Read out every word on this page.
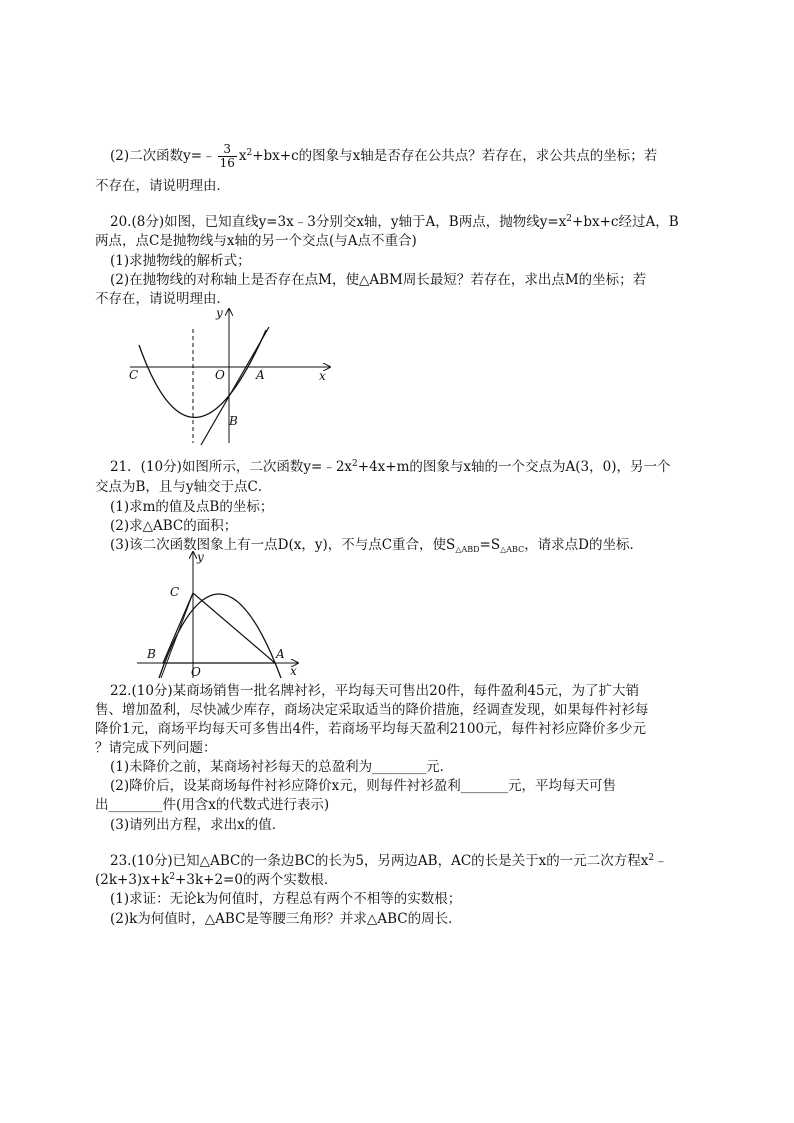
(2)二次函数y=﹣ $\frac{3}{16} x^2+bx+c$的图象与x轴是否存在公共点？若存在，求公共点的坐标；若
不存在，请说明理由．
20.(8分)如图，已知直线y=3x﹣3分别交x轴，y轴于A，B两点，抛物线$y=x^2+bx+c$经过A，B
两点，点C是抛物线与x轴的另一个交点(与A点不重合)
(1)求抛物线的解析式；
(2)在抛物线的对称轴上是否存在点M，使△ABM周长最短？若存在，求出点M的坐标；若
不存在，请说明理由．
y
x
C	O	A
B
21．(10分)如图所示，二次函数$y=﹣2x^2+4x+m$的图象与x轴的一个交点为A(3，0)，另一个
交点为B，且与y轴交于点C．
(1)求m的值及点B的坐标；
(2)求△ABC的面积；
(3)该二次函数图象上有一点D(x，y)，不与点C重合，使$S_{\triangle ABD}=S_{\triangle ABC}$，请求点D的坐标．
y
x
C
O
A
B
22.(10分)某商场销售一批名牌衬衫，平均每天可售出20件，每件盈利45元，为了扩大销
售、增加盈利，尽快减少库存，商场决定采取适当的降价措施，经调查发现，如果每件衬衫每
降价1元，商场平均每天可多售出4件，若商场平均每天盈利2100元，每件衬衫应降价多少元
？请完成下列问题：
(1)未降价之前，某商场衬衫每天的总盈利为________元．
(2)降价后，设某商场每件衬衫应降价x元，则每件衬衫盈利_______元，平均每天可售
出________件(用含x的代数式进行表示)
(3)请列出方程，求出x的值．
23.(10分)已知△ABC的一条边BC的长为5，另两边AB，AC的长是关于x的一元二次方程$x^2﹣$
$(2k+3)x+k^2+3k+2=0$的两个实数根．
(1)求证：无论k为何值时，方程总有两个不相等的实数根；
(2)k为何值时，△ABC是等腰三角形？并求△ABC的周长．
